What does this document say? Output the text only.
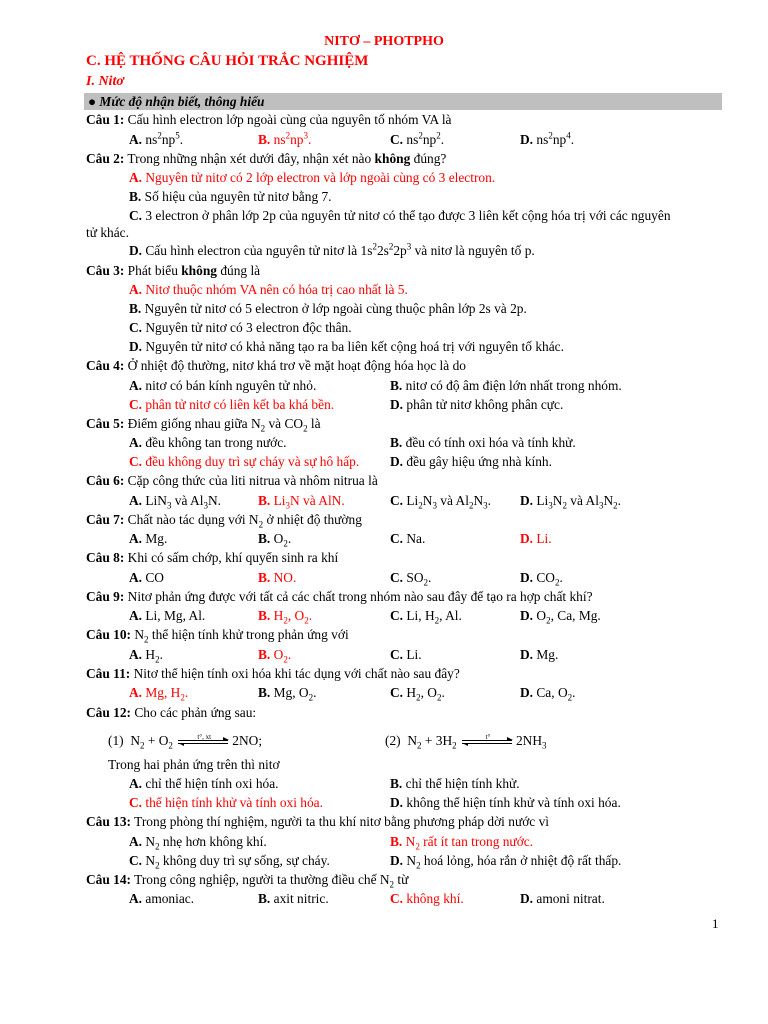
NITƠ – PHOTPHO
C. HỆ THỐNG CÂU HỎI TRẮC NGHIỆM
I. Nitơ
● Mức độ nhận biết, thông hiểu
Câu 1: Cấu hình electron lớp ngoài cùng của nguyên tố nhóm VA là
A. $ns^2np^5$.	B. $ns^2np^3$.	C. $ns^2np^2$.	D. $ns^2np^4$.
Câu 2: Trong những nhận xét dưới đây, nhận xét nào không đúng?
A. Nguyên tử nitơ có 2 lớp electron và lớp ngoài cùng có 3 electron.
B. Số hiệu của nguyên tử nitơ bằng 7.
C. 3 electron ở phân lớp 2p của nguyên tử nitơ có thể tạo được 3 liên kết cộng hóa trị với các nguyên
tử khác.
D. Cấu hình electron của nguyên tử nitơ là $1s^22s^22p^3$ và nitơ là nguyên tố p.
Câu 3: Phát biểu không đúng là
A. Nitơ thuộc nhóm VA nên có hóa trị cao nhất là 5.
B. Nguyên tử nitơ có 5 electron ở lớp ngoài cùng thuộc phân lớp 2s và 2p.
C. Nguyên tử nitơ có 3 electron độc thân.
D. Nguyên tử nitơ có khả năng tạo ra ba liên kết cộng hoá trị với nguyên tố khác.
Câu 4: Ở nhiệt độ thường, nitơ khá trơ về mặt hoạt động hóa học là do
A. nitơ có bán kính nguyên tử nhỏ.	B. nitơ có độ âm điện lớn nhất trong nhóm.
C. phân tử nitơ có liên kết ba khá bền.	D. phân tử nitơ không phân cực.
Câu 5: Điểm giống nhau giữa $N_2$ và $CO_2$ là
A. đều không tan trong nước.	B. đều có tính oxi hóa và tính khử.
C. đều không duy trì sự cháy và sự hô hấp. D. đều gây hiệu ứng nhà kính.
Câu 6: Cặp công thức của liti nitrua và nhôm nitrua là
A. LiN$_3$ và $Al_3N$.	B. $Li_3N$ và AlN.	C. $Li_2N_3$ và $Al_2N_3$. D. $Li_3N_2$ và $Al_3N_2$.
Câu 7: Chất nào tác dụng với $N_2$ ở nhiệt độ thường
A. Mg.	B. $O_2$.	C. Na.	D. Li.
Câu 8: Khi có sấm chớp, khí quyển sinh ra khí
A. CO	B. NO.	C. $SO_2$.	D. $CO_2$.
Câu 9: Nitơ phản ứng được với tất cả các chất trong nhóm nào sau đây để tạo ra hợp chất khí?
A. Li, Mg, Al.	B. $H_2$, $O_2$.	C. Li, $H_2$, Al.	D. $O_2$, Ca, Mg.
Câu 10: $N_2$ thể hiện tính khử trong phản ứng với
A. $H_2$.	B. $O_2$.	C. Li.	D. Mg.
Câu 11: Nitơ thể hiện tính oxi hóa khi tác dụng với chất nào sau đây?
A. Mg, $H_2$.	B. Mg, $O_2$.	C. $H_2$, $O_2$.	D. Ca, $O_2$.
Câu 12: Cho các phản ứng sau:
(1) $N_2 + O_2$
t°, xt	2NO;	(2) $N_2 + 3H_2$
t°	$2NH_3$
Trong hai phản ứng trên thì nitơ
A. chỉ thể hiện tính oxi hóa.	B. chỉ thể hiện tính khử.
C. thể hiện tính khử và tính oxi hóa.	D. không thể hiện tính khử và tính oxi hóa.
Câu 13: Trong phòng thí nghiệm, người ta thu khí nitơ bằng phương pháp dời nước vì
A. $N_2$ nhẹ hơn không khí.	B. $N_2$ rất ít tan trong nước.
C. $N_2$ không duy trì sự sống, sự cháy.	D. $N_2$ hoá lỏng, hóa rắn ở nhiệt độ rất thấp.
Câu 14: Trong công nghiệp, người ta thường điều chế $N_2$ từ
A. amoniac.	B. axit nitric.	C. không khí.	D. amoni nitrat.
1
